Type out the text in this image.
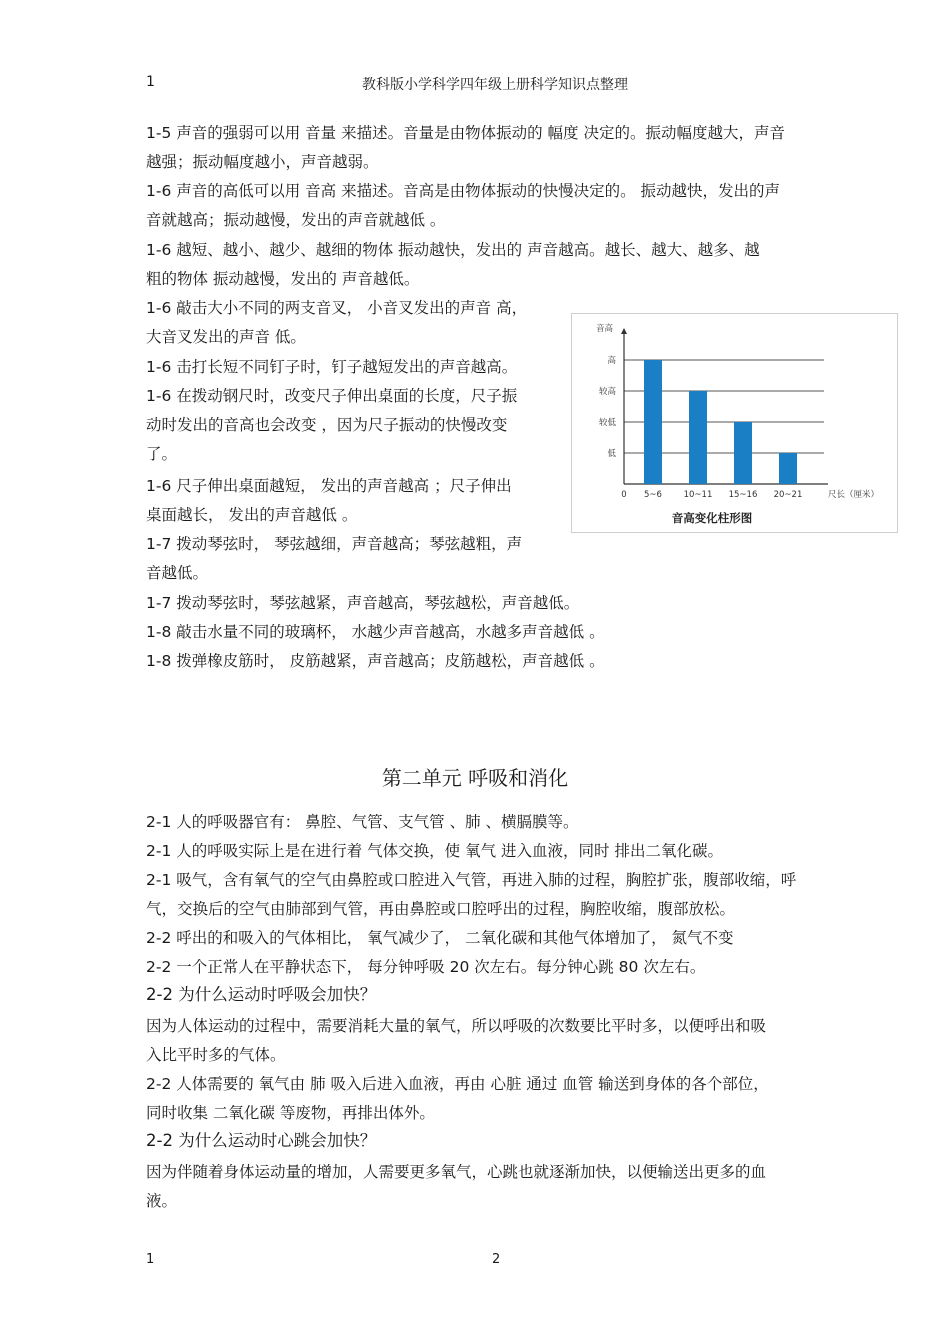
1	教科版小学科学四年级上册科学知识点整理
1-5 声音的强弱可以用 音量 来描述。音量是由物体振动的 幅度 决定的。振动幅度越大，声音
越强；振动幅度越小，声音越弱。
1-6 声音的高低可以用 音高 来描述。音高是由物体振动的快慢决定的。 振动越快，发出的声
音就越高；振动越慢，发出的声音就越低 。
1-6 越短、越小、越少、越细的物体 振动越快，发出的 声音越高。越长、越大、越多、越
粗的物体 振动越慢，发出的 声音越低。
1-6 敲击大小不同的两支音叉， 小音叉发出的声音 高，
大音叉发出的声音 低。
1-6 击打长短不同钉子时，钉子越短发出的声音越高。
1-6 在拨动钢尺时，改变尺子伸出桌面的长度，尺子振
动时发出的音高也会改变 ，因为尺子振动的快慢改变
了。
1-6 尺子伸出桌面越短， 发出的声音越高 ；尺子伸出
桌面越长， 发出的声音越低 。
1-7 拨动琴弦时， 琴弦越细，声音越高；琴弦越粗，声
音越低。
1-7 拨动琴弦时，琴弦越紧，声音越高，琴弦越松，声音越低。
1-8 敲击水量不同的玻璃杯， 水越少声音越高，水越多声音越低 。
1-8 拨弹橡皮筋时， 皮筋越紧，声音越高；皮筋越松，声音越低 。
低
较低
较高
高
音高
0 5~6	10~11 15~16 20~21	尺长（厘米）
音高变化柱形图
第二单元 呼吸和消化
2-1 人的呼吸器官有： 鼻腔、气管、支气管 、肺 、横膈膜等。
2-1 人的呼吸实际上是在进行着 气体交换，使 氧气 进入血液，同时 排出二氧化碳。
2-1 吸气，含有氧气的空气由鼻腔或口腔进入气管，再进入肺的过程，胸腔扩张，腹部收缩，呼
气，交换后的空气由肺部到气管，再由鼻腔或口腔呼出的过程，胸腔收缩，腹部放松。
2-2 呼出的和吸入的气体相比， 氧气减少了， 二氧化碳和其他气体增加了， 氮气不变
2-2 一个正常人在平静状态下， 每分钟呼吸 20 次左右。每分钟心跳 80 次左右。
2-2 为什么运动时呼吸会加快？
因为人体运动的过程中，需要消耗大量的氧气，所以呼吸的次数要比平时多，以便呼出和吸
入比平时多的气体。
2-2 人体需要的 氧气由 肺 吸入后进入血液，再由 心脏 通过 血管 输送到身体的各个部位，
同时收集 二氧化碳 等废物，再排出体外。
2-2 为什么运动时心跳会加快？
因为伴随着身体运动量的增加，人需要更多氧气，心跳也就逐渐加快，以便输送出更多的血
液。
1	2
